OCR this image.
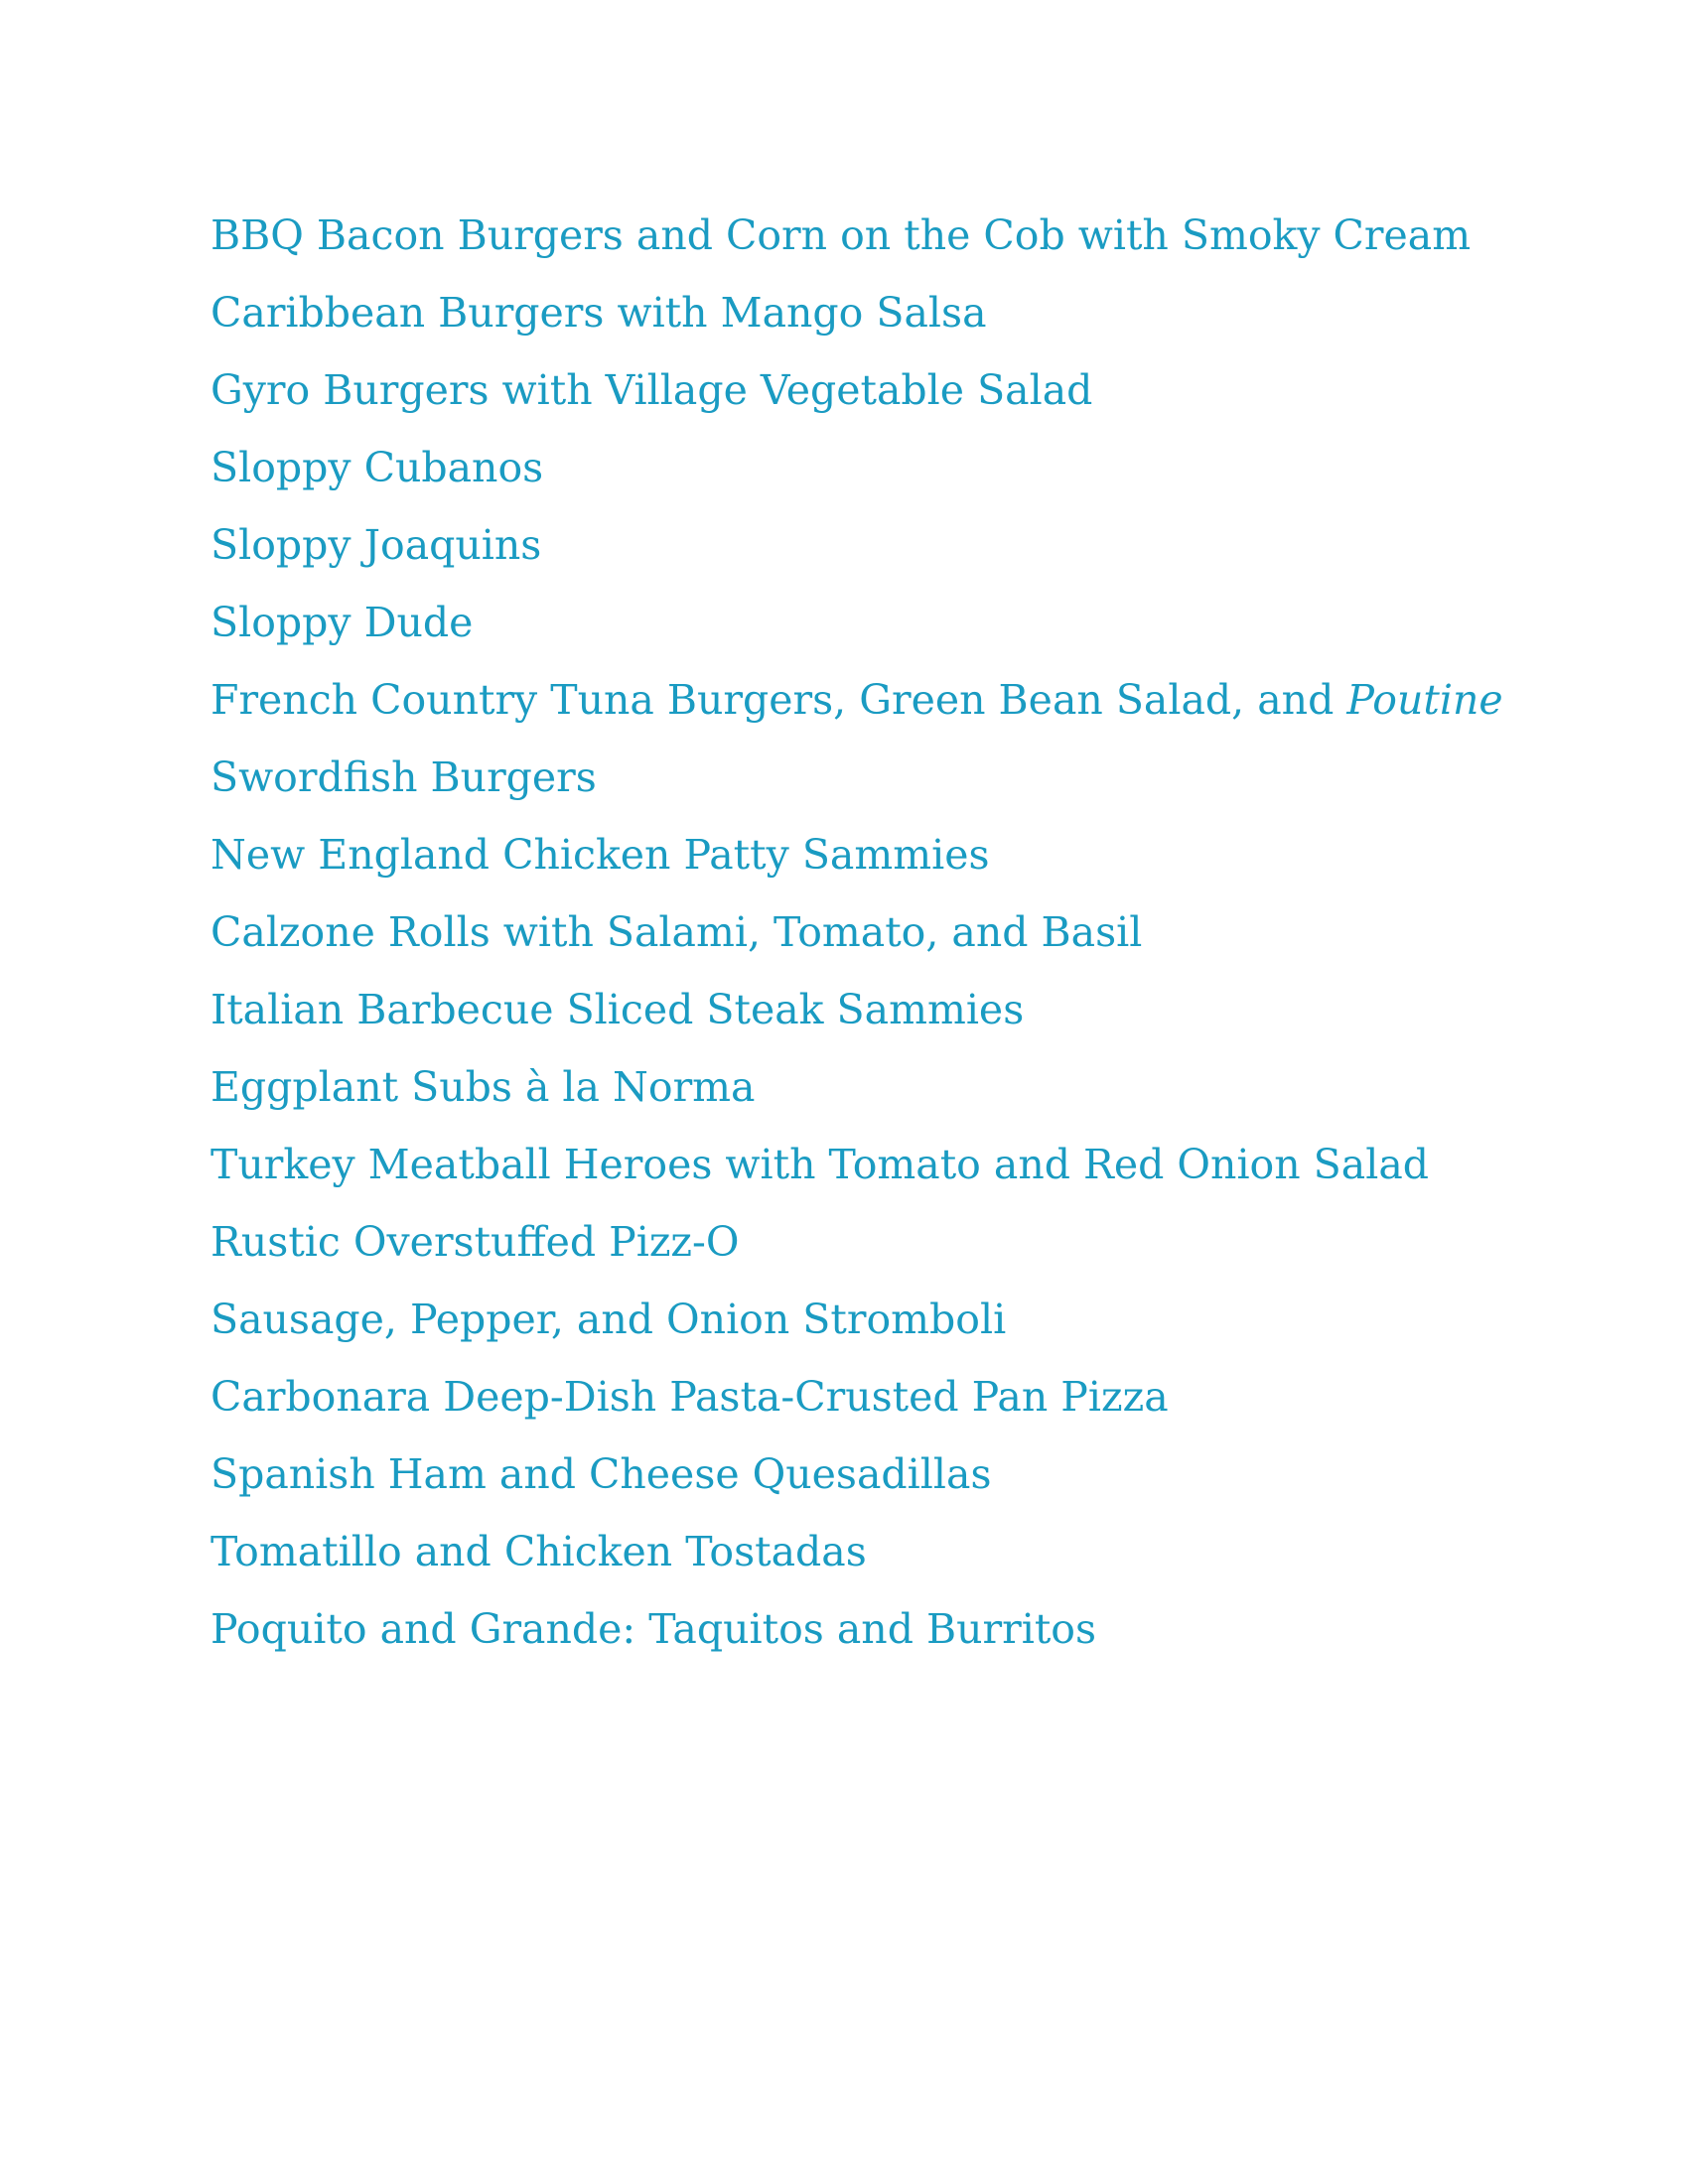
BBQ Bacon Burgers and Corn on the Cob with Smoky Cream
Caribbean Burgers with Mango Salsa
Gyro Burgers with Village Vegetable Salad
Sloppy Cubanos
Sloppy Joaquins
Sloppy Dude
French Country Tuna Burgers, Green Bean Salad, and Poutine
Swordfish Burgers
New England Chicken Patty Sammies
Calzone Rolls with Salami, Tomato, and Basil
Italian Barbecue Sliced Steak Sammies
Eggplant Subs à la Norma
Turkey Meatball Heroes with Tomato and Red Onion Salad
Rustic Overstuffed Pizz-O
Sausage, Pepper, and Onion Stromboli
Carbonara Deep-Dish Pasta-Crusted Pan Pizza
Spanish Ham and Cheese Quesadillas
Tomatillo and Chicken Tostadas
Poquito and Grande: Taquitos and Burritos
